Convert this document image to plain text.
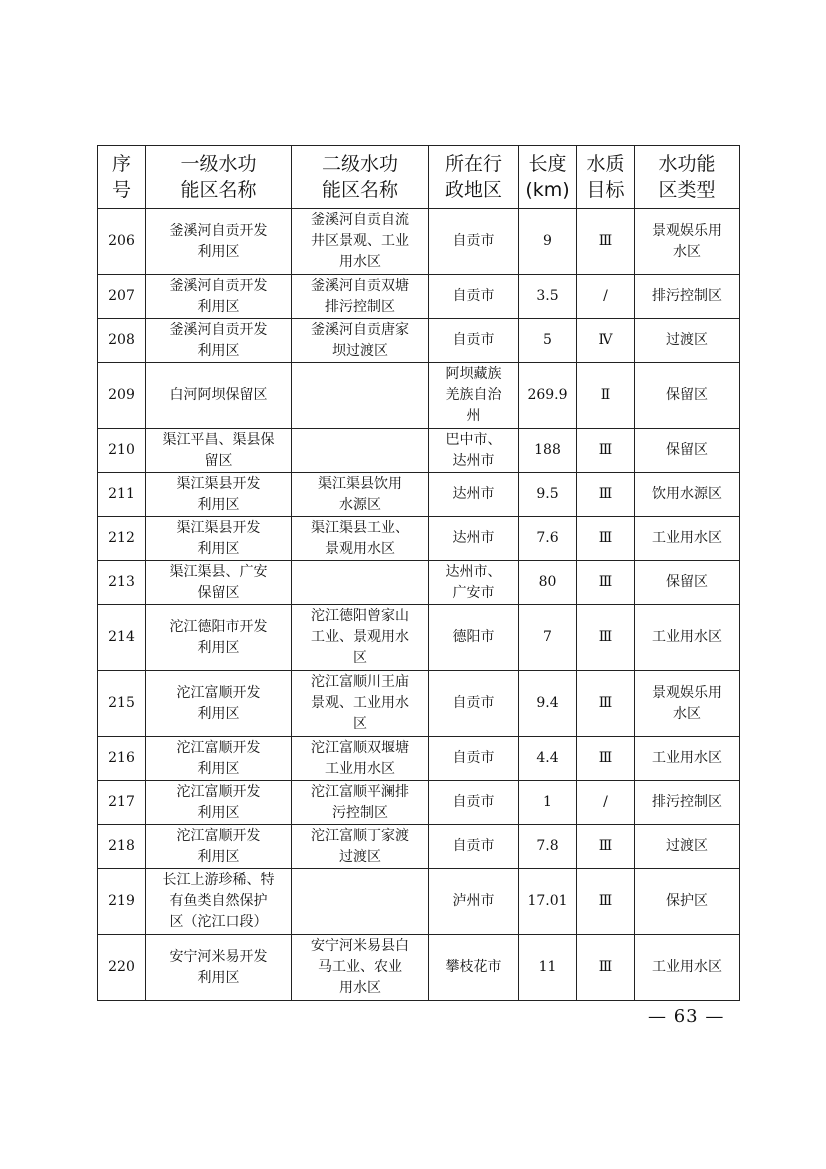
序
号	一级水功
能区名称	二级水功
能区名称	所在行
政地区	长度
(km)	水质
目标	水功能
区类型
206	釜溪河自贡开发
利用区	釜溪河自贡自流
井区景观、工业
用水区	自贡市	9	Ⅲ	景观娱乐用
水区
207	釜溪河自贡开发
利用区	釜溪河自贡双塘
排污控制区	自贡市	3.5	/	排污控制区
208	釜溪河自贡开发
利用区	釜溪河自贡唐家
坝过渡区	自贡市	5	Ⅳ	过渡区
209	白河阿坝保留区		阿坝藏族
羌族自治
州	269.9	Ⅱ	保留区
210	渠江平昌、渠县保
留区		巴中市、
达州市	188	Ⅲ	保留区
211	渠江渠县开发
利用区	渠江渠县饮用
水源区	达州市	9.5	Ⅲ	饮用水源区
212	渠江渠县开发
利用区	渠江渠县工业、
景观用水区	达州市	7.6	Ⅲ	工业用水区
213	渠江渠县、广安
保留区		达州市、
广安市	80	Ⅲ	保留区
214	沱江德阳市开发
利用区	沱江德阳曾家山
工业、景观用水
区	德阳市	7	Ⅲ	工业用水区
215	沱江富顺开发
利用区	沱江富顺川王庙
景观、工业用水
区	自贡市	9.4	Ⅲ	景观娱乐用
水区
216	沱江富顺开发
利用区	沱江富顺双堰塘
工业用水区	自贡市	4.4	Ⅲ	工业用水区
217	沱江富顺开发
利用区	沱江富顺平澜排
污控制区	自贡市	1	/	排污控制区
218	沱江富顺开发
利用区	沱江富顺丁家渡
过渡区	自贡市	7.8	Ⅲ	过渡区
219	长江上游珍稀、特
有鱼类自然保护
区（沱江口段）		泸州市	17.01	Ⅲ	保护区
220	安宁河米易开发
利用区	安宁河米易县白
马工业、农业
用水区	攀枝花市	11	Ⅲ	工业用水区
— 63 —
